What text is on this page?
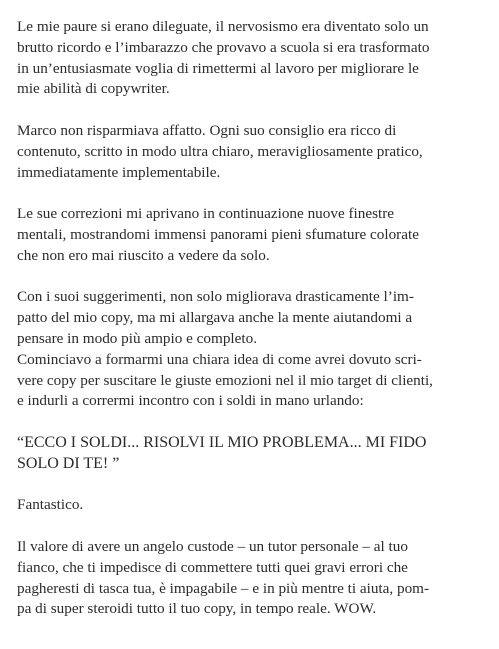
Le mie paure si erano dileguate, il nervosismo era diventato solo un
brutto ricordo e l’imbarazzo che provavo a scuola si era trasformato
in un’entusiasmate voglia di rimettermi al lavoro per migliorare le
mie abilità di copywriter.

Marco non risparmiava affatto. Ogni suo consiglio era ricco di
contenuto, scritto in modo ultra chiaro, meravigliosamente pratico,
immediatamente implementabile.

Le sue correzioni mi aprivano in continuazione nuove finestre
mentali, mostrandomi immensi panorami pieni sfumature colorate
che non ero mai riuscito a vedere da solo.

Con i suoi suggerimenti, non solo migliorava drasticamente l’im-
patto del mio copy, ma mi allargava anche la mente aiutandomi a
pensare in modo più ampio e completo.
Cominciavo a formarmi una chiara idea di come avrei dovuto scri-
vere copy per suscitare le giuste emozioni nel il mio target di clienti,
e indurli a corrermi incontro con i soldi in mano urlando:

“ECCO I SOLDI... RISOLVI IL MIO PROBLEMA... MI FIDO
SOLO DI TE! ”

Fantastico.

Il valore di avere un angelo custode – un tutor personale – al tuo
fianco, che ti impedisce di commettere tutti quei gravi errori che
pagheresti di tasca tua, è impagabile – e in più mentre ti aiuta, pom-
pa di super steroidi tutto il tuo copy, in tempo reale. WOW.
